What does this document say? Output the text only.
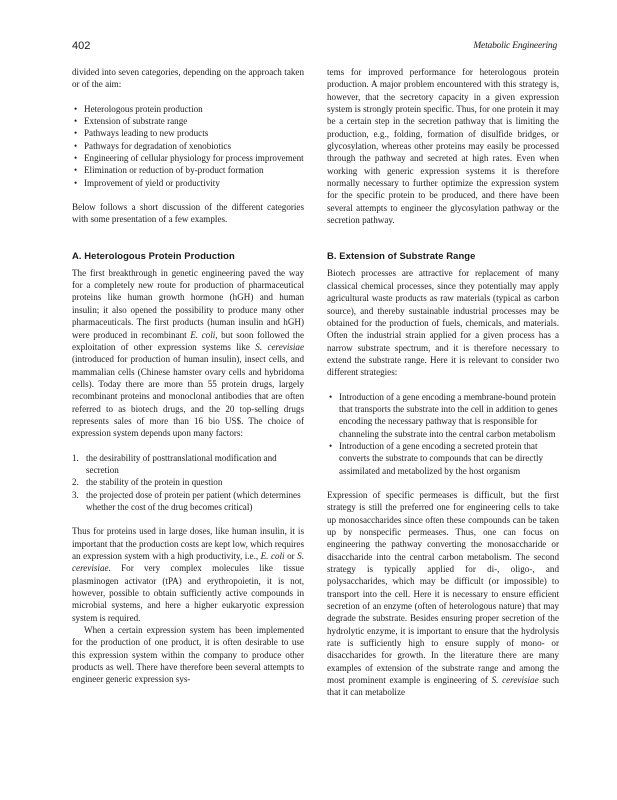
402	Metabolic Engineering

divided into seven categories, depending on the approach taken or of the aim:

• Heterologous protein production
• Extension of substrate range
• Pathways leading to new products
• Pathways for degradation of xenobiotics
• Engineering of cellular physiology for process improvement
• Elimination or reduction of by-product formation
• Improvement of yield or productivity

Below follows a short discussion of the different categories with some presentation of a few examples.

A. Heterologous Protein Production

The first breakthrough in genetic engineering paved the way for a completely new route for production of pharmaceutical proteins like human growth hormone (hGH) and human insulin; it also opened the possibility to produce many other pharmaceuticals. The first products (human insulin and hGH) were produced in recombinant E. coli, but soon followed the exploitation of other expression systems like S. cerevisiae (introduced for production of human insulin), insect cells, and mammalian cells (Chinese hamster ovary cells and hybridoma cells). Today there are more than 55 protein drugs, largely recombinant proteins and monoclonal antibodies that are often referred to as biotech drugs, and the 20 top-selling drugs represents sales of more than 16 bio US$. The choice of expression system depends upon many factors:

1. the desirability of posttranslational modification and secretion
2. the stability of the protein in question
3. the projected dose of protein per patient (which determines whether the cost of the drug becomes critical)

Thus for proteins used in large doses, like human insulin, it is important that the production costs are kept low, which requires an expression system with a high productivity, i.e., E. coli or S. cerevisiae. For very complex molecules like tissue plasminogen activator (tPA) and erythropoietin, it is not, however, possible to obtain sufficiently active compounds in microbial systems, and here a higher eukaryotic expression system is required.

When a certain expression system has been implemented for the production of one product, it is often desirable to use this expression system within the company to produce other products as well. There have therefore been several attempts to engineer generic expression sys-

tems for improved performance for heterologous protein production. A major problem encountered with this strategy is, however, that the secretory capacity in a given expression system is strongly protein specific. Thus, for one protein it may be a certain step in the secretion pathway that is limiting the production, e.g., folding, formation of disulfide bridges, or glycosylation, whereas other proteins may easily be processed through the pathway and secreted at high rates. Even when working with generic expression systems it is therefore normally necessary to further optimize the expression system for the specific protein to be produced, and there have been several attempts to engineer the glycosylation pathway or the secretion pathway.

B. Extension of Substrate Range

Biotech processes are attractive for replacement of many classical chemical processes, since they potentially may apply agricultural waste products as raw materials (typical as carbon source), and thereby sustainable industrial processes may be obtained for the production of fuels, chemicals, and materials. Often the industrial strain applied for a given process has a narrow substrate spectrum, and it is therefore necessary to extend the substrate range. Here it is relevant to consider two different strategies:

• Introduction of a gene encoding a membrane-bound protein that transports the substrate into the cell in addition to genes encoding the necessary pathway that is responsible for channeling the substrate into the central carbon metabolism
• Introduction of a gene encoding a secreted protein that converts the substrate to compounds that can be directly assimilated and metabolized by the host organism

Expression of specific permeases is difficult, but the first strategy is still the preferred one for engineering cells to take up monosaccharides since often these compounds can be taken up by nonspecific permeases. Thus, one can focus on engineering the pathway converting the monosaccharide or disaccharide into the central carbon metabolism. The second strategy is typically applied for di-, oligo-, and polysaccharides, which may be difficult (or impossible) to transport into the cell. Here it is necessary to ensure efficient secretion of an enzyme (often of heterologous nature) that may degrade the substrate. Besides ensuring proper secretion of the hydrolytic enzyme, it is important to ensure that the hydrolysis rate is sufficiently high to ensure supply of mono- or disaccharides for growth. In the literature there are many examples of extension of the substrate range and among the most prominent example is engineering of S. cerevisiae such that it can metabolize
